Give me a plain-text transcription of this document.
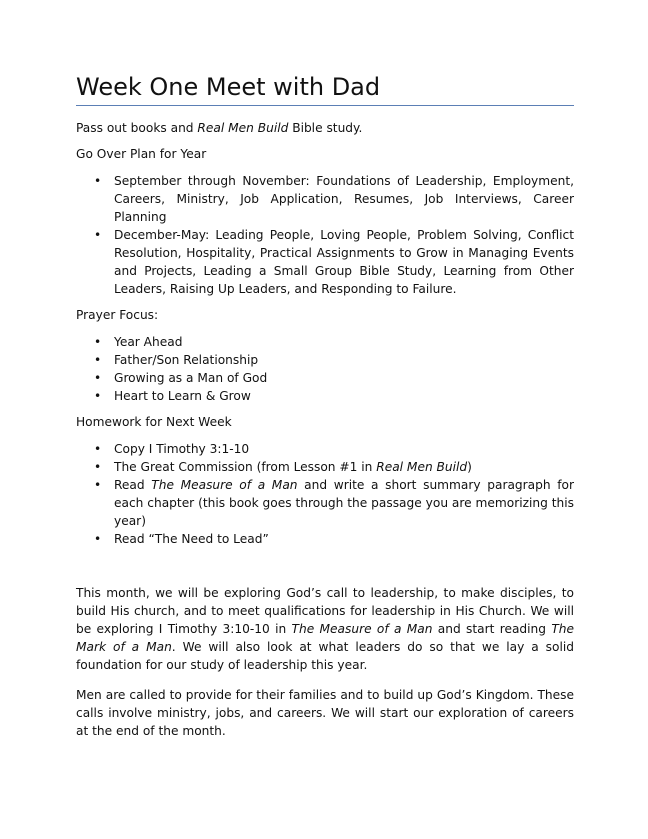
Week One Meet with Dad

Pass out books and Real Men Build Bible study.

Go Over Plan for Year

• September through November: Foundations of Leadership, Employment, Careers, Ministry, Job Application, Resumes, Job Interviews, Career Planning
• December-May: Leading People, Loving People, Problem Solving, Conflict Resolution, Hospitality, Practical Assignments to Grow in Managing Events and Projects, Leading a Small Group Bible Study, Learning from Other Leaders, Raising Up Leaders, and Responding to Failure.

Prayer Focus:

• Year Ahead
• Father/Son Relationship
• Growing as a Man of God
• Heart to Learn & Grow

Homework for Next Week

• Copy I Timothy 3:1-10
• The Great Commission (from Lesson #1 in Real Men Build)
• Read The Measure of a Man and write a short summary paragraph for each chapter (this book goes through the passage you are memorizing this year)
• Read “The Need to Lead”

This month, we will be exploring God’s call to leadership, to make disciples, to build His church, and to meet qualifications for leadership in His Church. We will be exploring I Timothy 3:10-10 in The Measure of a Man and start reading The Mark of a Man. We will also look at what leaders do so that we lay a solid foundation for our study of leadership this year.

Men are called to provide for their families and to build up God’s Kingdom. These calls involve ministry, jobs, and careers. We will start our exploration of careers at the end of the month.
